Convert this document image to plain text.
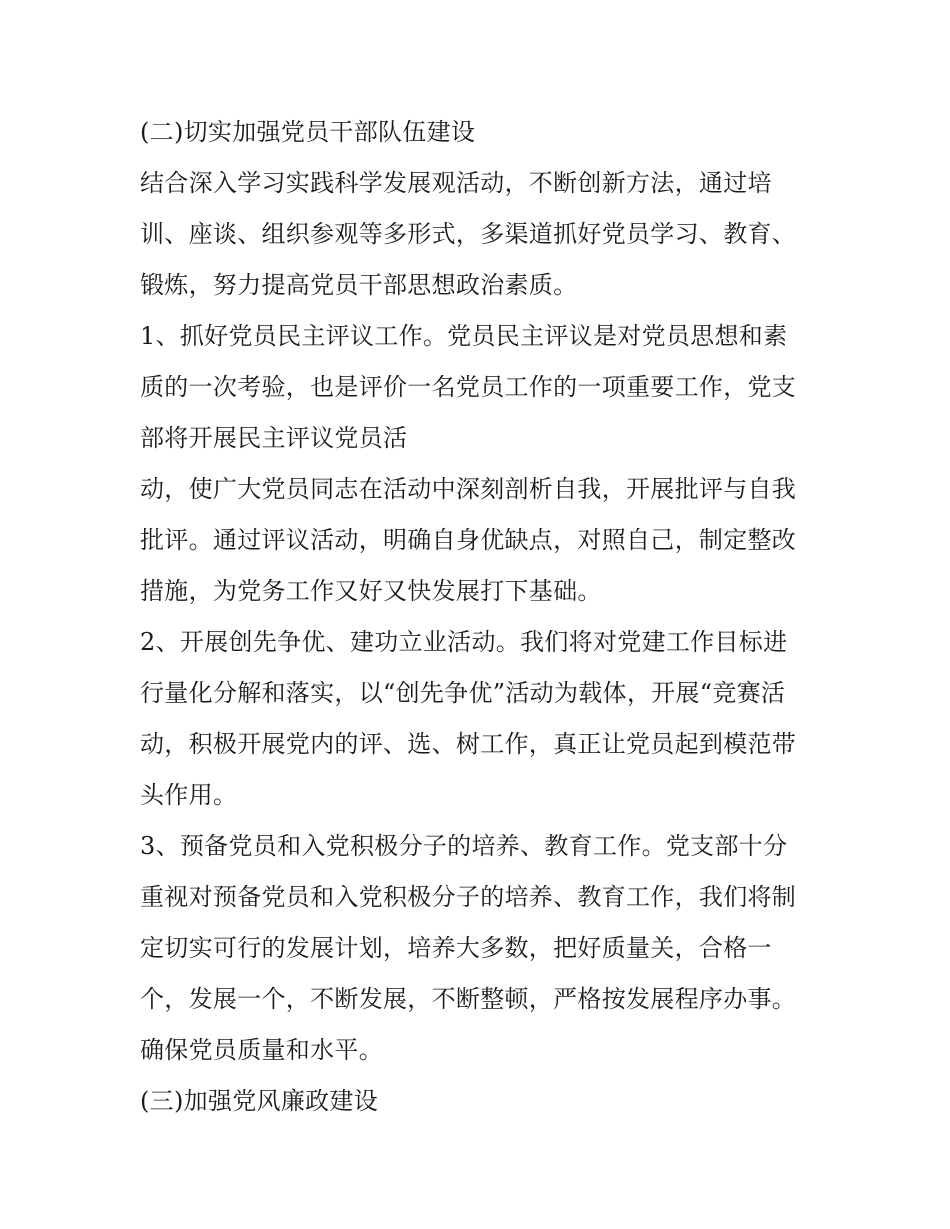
(二)切实加强党员干部队伍建设
结合深入学习实践科学发展观活动，不断创新方法，通过培
训、座谈、组织参观等多形式，多渠道抓好党员学习、教育、
锻炼，努力提高党员干部思想政治素质。
1、抓好党员民主评议工作。党员民主评议是对党员思想和素
质的一次考验，也是评价一名党员工作的一项重要工作，党支
部将开展民主评议党员活
动，使广大党员同志在活动中深刻剖析自我，开展批评与自我
批评。通过评议活动，明确自身优缺点，对照自己，制定整改
措施，为党务工作又好又快发展打下基础。
2、开展创先争优、建功立业活动。我们将对党建工作目标进
行量化分解和落实，以“创先争优”活动为载体，开展“竞赛活
动，积极开展党内的评、选、树工作，真正让党员起到模范带
头作用。
3、预备党员和入党积极分子的培养、教育工作。党支部十分
重视对预备党员和入党积极分子的培养、教育工作，我们将制
定切实可行的发展计划，培养大多数，把好质量关，合格一
个，发展一个，不断发展，不断整顿，严格按发展程序办事。
确保党员质量和水平。
(三)加强党风廉政建设
